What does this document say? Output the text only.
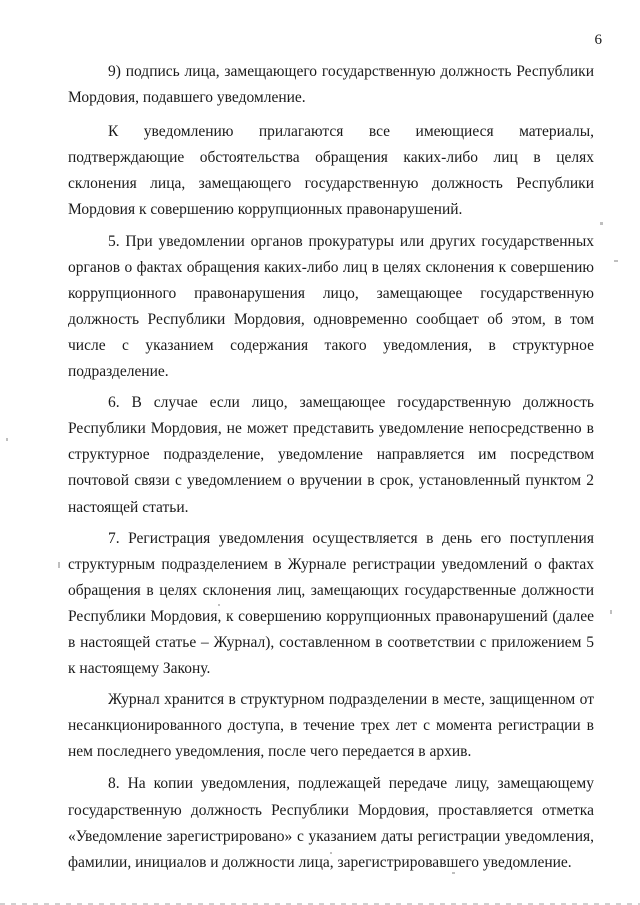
6

9) подпись лица, замещающего государственную должность Республики Мордовия, подавшего уведомление.

К уведомлению прилагаются все имеющиеся материалы, подтверждающие обстоятельства обращения каких-либо лиц в целях склонения лица, замещающего государственную должность Республики Мордовия к совершению коррупционных правонарушений.

5. При уведомлении органов прокуратуры или других государственных органов о фактах обращения каких-либо лиц в целях склонения к совершению коррупционного правонарушения лицо, замещающее государственную должность Республики Мордовия, одновременно сообщает об этом, в том числе с указанием содержания такого уведомления, в структурное подразделение.

6. В случае если лицо, замещающее государственную должность Республики Мордовия, не может представить уведомление непосредственно в структурное подразделение, уведомление направляется им посредством почтовой связи с уведомлением о вручении в срок, установленный пунктом 2 настоящей статьи.

7. Регистрация уведомления осуществляется в день его поступления структурным подразделением в Журнале регистрации уведомлений о фактах обращения в целях склонения лиц, замещающих государственные должности Республики Мордовия, к совершению коррупционных правонарушений (далее в настоящей статье – Журнал), составленном в соответствии с приложением 5 к настоящему Закону.

Журнал хранится в структурном подразделении в месте, защищенном от несанкционированного доступа, в течение трех лет с момента регистрации в нем последнего уведомления, после чего передается в архив.

8. На копии уведомления, подлежащей передаче лицу, замещающему государственную должность Республики Мордовия, проставляется отметка «Уведомление зарегистрировано» с указанием даты регистрации уведомления, фамилии, инициалов и должности лица, зарегистрировавшего уведомление.
